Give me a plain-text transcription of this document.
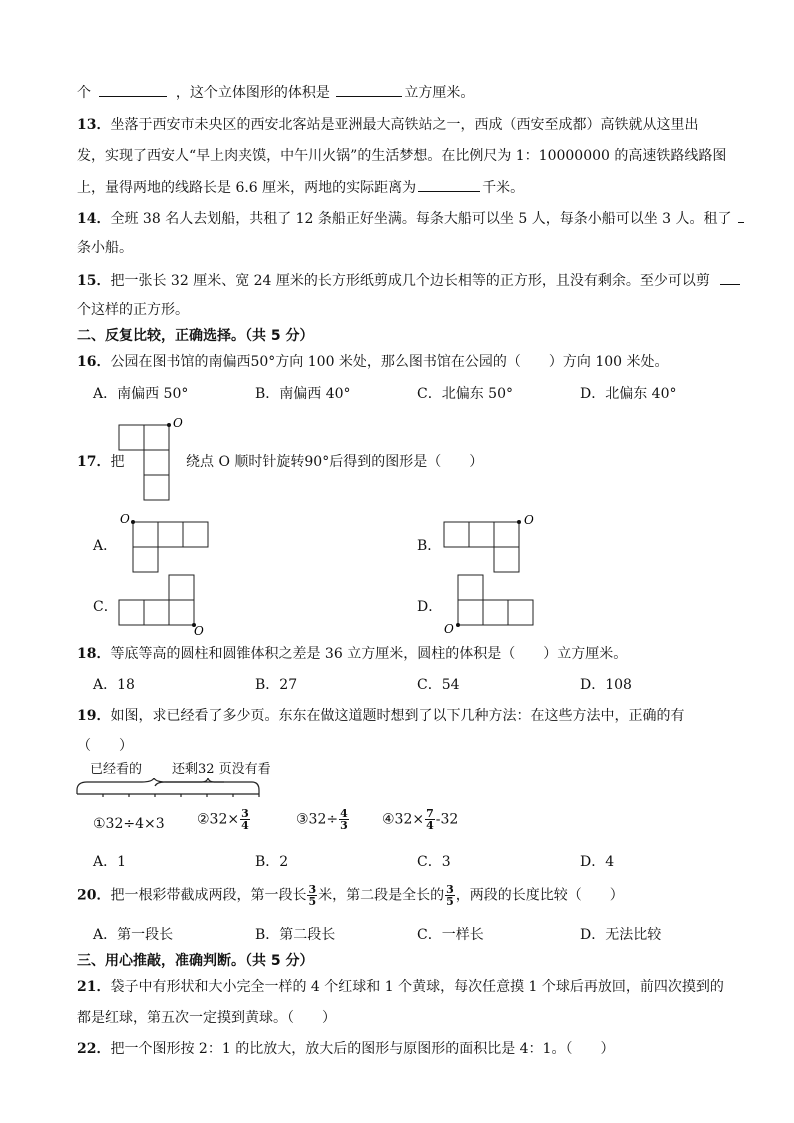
个	，这个立体图形的体积是	立方厘米。
13．坐落于西安市未央区的西安北客站是亚洲最大高铁站之一，西成（西安至成都）高铁就从这里出
发，实现了西安人“早上肉夹馍，中午川火锅”的生活梦想。在比例尺为 1：10000000 的高速铁路线路图
上，量得两地的线路长是 6.6 厘米，两地的实际距离为	千米。
14．全班 38 名人去划船，共租了 12 条船正好坐满。每条大船可以坐 5 人，每条小船可以坐 3 人。租了
条小船。
15．把一张长 32 厘米、宽 24 厘米的长方形纸剪成几个边长相等的正方形，且没有剩余。至少可以剪
个这样的正方形。
二、反复比较，正确选择。（共 5 分）
16．公园在图书馆的南偏西50°方向 100 米处，那么图书馆在公园的（　　）方向 100 米处。
A．南偏西 50°	B．南偏西 40°	C．北偏东 50°	D．北偏东 40°
17．把
O
绕点 O 顺时针旋转90°后得到的图形是（　　）
A．
O
B．
O
C．
O
D．
O
18．等底等高的圆柱和圆锥体积之差是 36 立方厘米，圆柱的体积是（　　）立方厘米。
A．18	B．27	C．54	D．108
19．如图，求已经看了多少页。东东在做这道题时想到了以下几种方法：在这些方法中，正确的有
（　　）
已经看的 还剩32 页没有看
①32÷4×3 ②32× $\frac{3}{4}$	③32÷ $\frac{4}{3}$ ④32× $\frac{7}{4} -32$
A．1	B．2	C．3	D．4
20．把一根彩带截成两段，第一段长 $\frac{3}{5}$ 米，第二段是全长的 $\frac{3}{5}$ ，两段的长度比较（　　）
A．第一段长	B．第二段长	C．一样长	D．无法比较
三、用心推敲，准确判断。（共 5 分）
21．袋子中有形状和大小完全一样的 4 个红球和 1 个黄球，每次任意摸 1 个球后再放回，前四次摸到的
都是红球，第五次一定摸到黄球。（　　）
22．把一个图形按 2：1 的比放大，放大后的图形与原图形的面积比是 4：1。（　　）
